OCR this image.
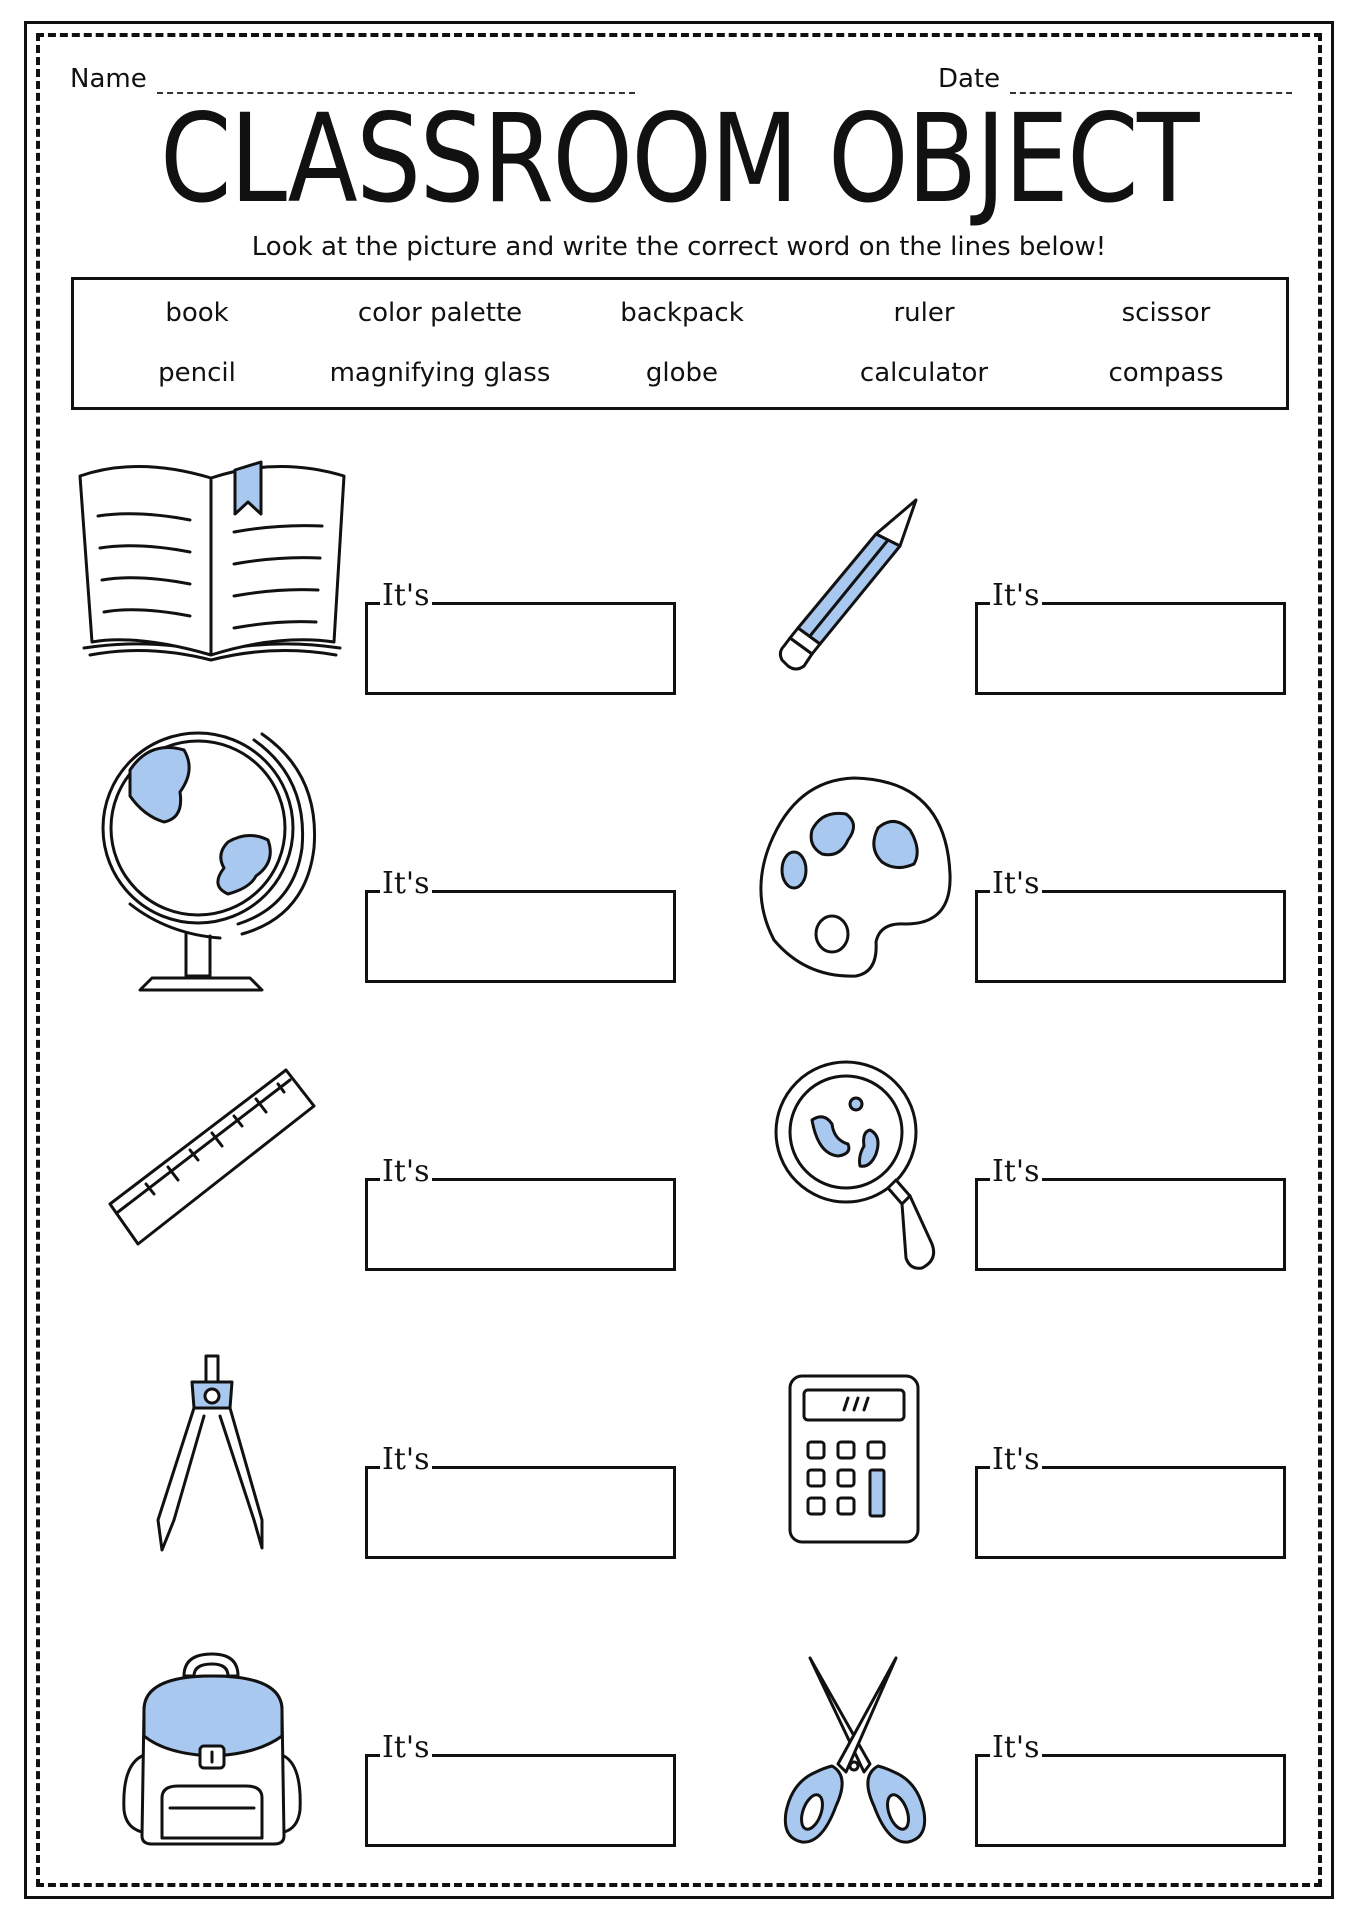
Name	Date
CLASSROOM OBJECT
Look at the picture and write the correct word on the lines below!
book	color palette	backpack	ruler	scissor
pencil	magnifying glass	globe	calculator	compass
It's	It's
It's	It's
It's	It's
It's	It's
It's	It's
